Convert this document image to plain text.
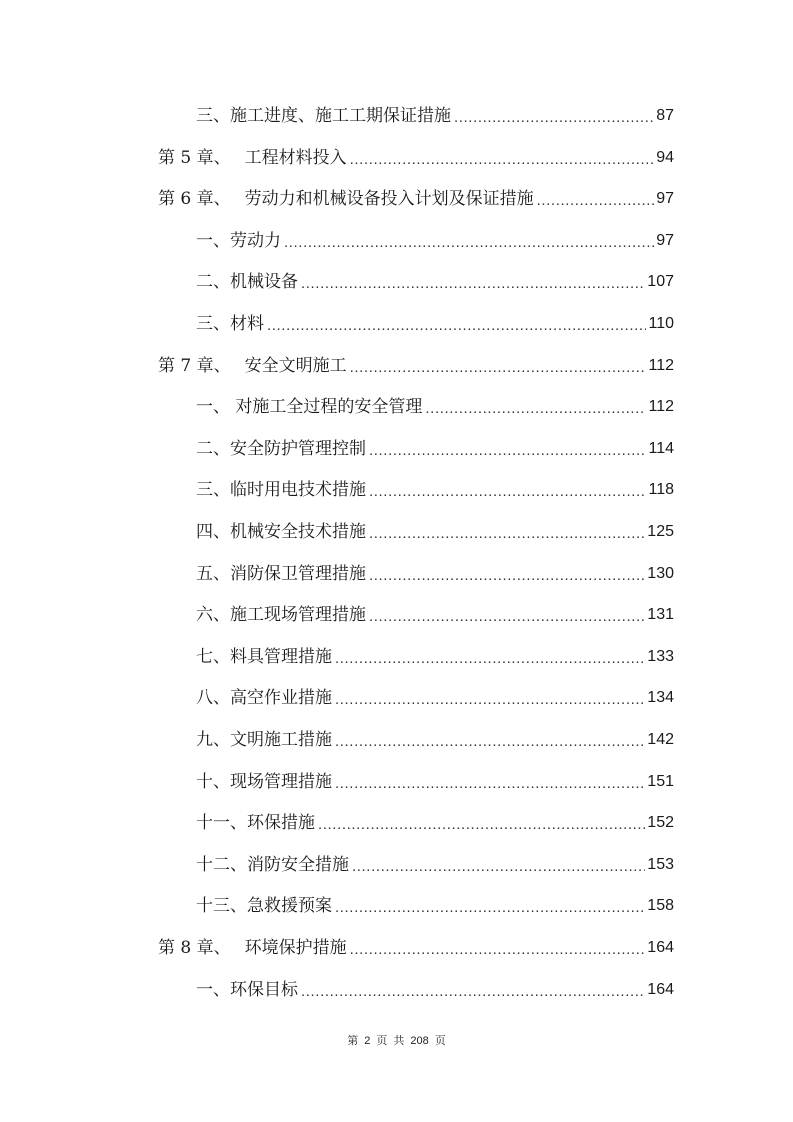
三、施工进度、施工工期保证措施 .....	87
第 5 章、 工程材料投入 .....	94
第 6 章、 劳动力和机械设备投入计划及保证措施 .....	97
一、劳动力 .....	97
二、机械设备 .....	107
三、材料 .....	110
第 7 章、 安全文明施工 .....	112
一、 对施工全过程的安全管理 .....	112
二、安全防护管理控制 .....	114
三、临时用电技术措施 .....	118
四、机械安全技术措施 .....	125
五、消防保卫管理措施 .....	130
六、施工现场管理措施 .....	131
七、料具管理措施 .....	133
八、高空作业措施 .....	134
九、文明施工措施 .....	142
十、现场管理措施 .....	151
十一、环保措施 .....	152
十二、消防安全措施 .....	153
十三、急救援预案 .....	158
第 8 章、 环境保护措施 .....	164
一、环保目标 .....	164
第 2 页 共 208 页
